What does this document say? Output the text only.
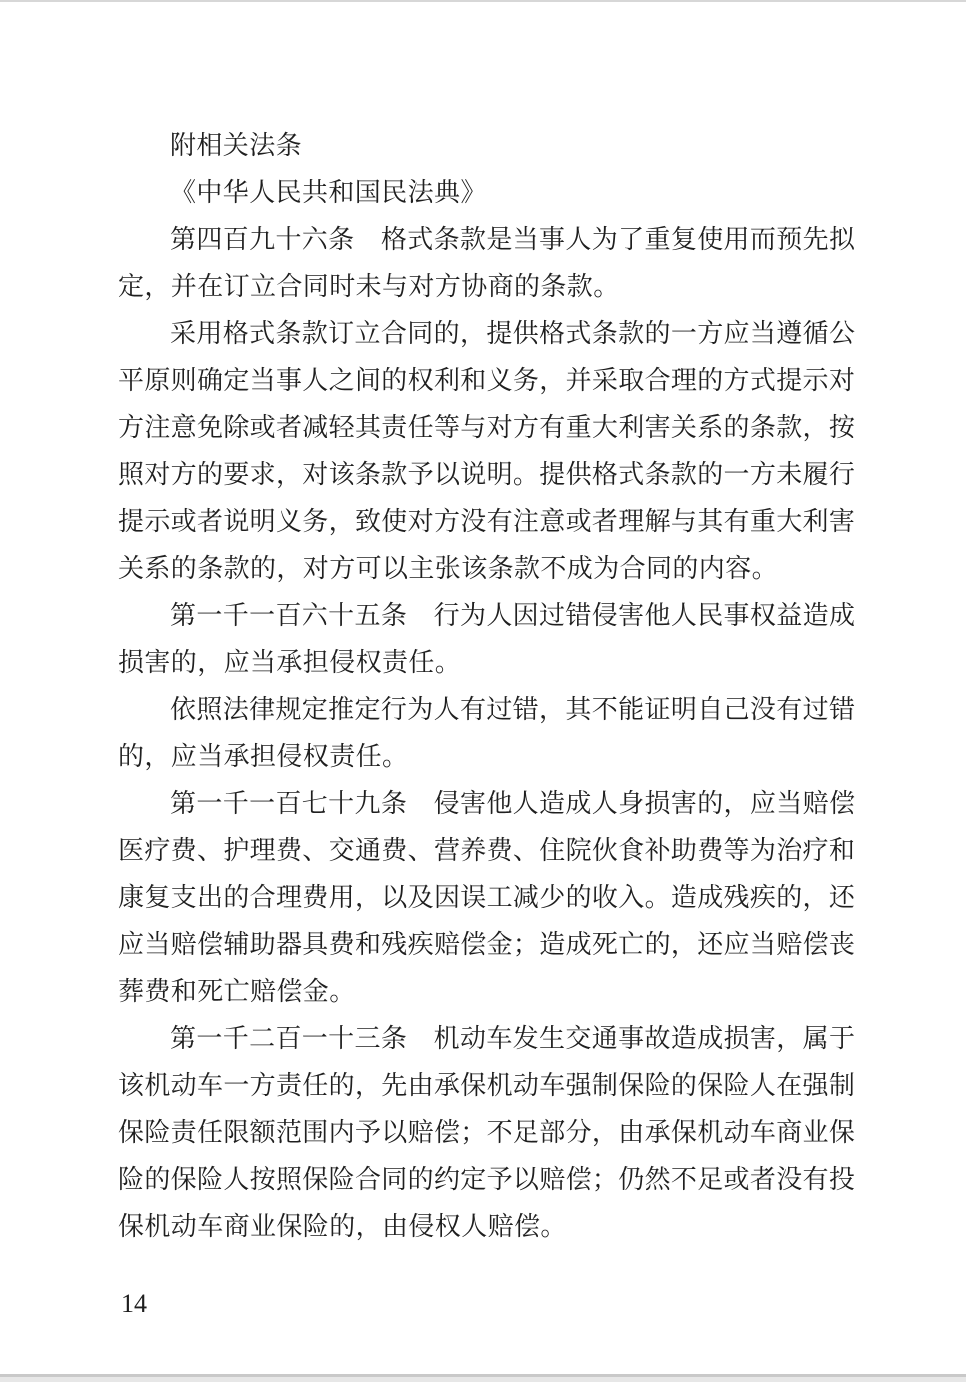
附相关法条
《中华人民共和国民法典》
第 四 百 九 十 六 条
　 格 式 条 款 是 当 事 人 为 了 重 复 使 用 而 预 先 拟
定，并在订立合同时未与对方协商的条款。
采 用 格 式 条 款 订 立 合 同 的 ， 提 供 格 式 条 款 的 一 方 应 当 遵 循 公
平 原 则 确 定 当 事 人 之 间 的 权 利 和 义 务 ， 并 采 取 合 理 的 方 式 提 示 对
方 注 意 免 除 或 者 减 轻 其 责 任 等 与 对 方 有 重 大 利 害 关 系 的 条 款 ， 按
照 对 方 的 要 求 ， 对 该 条 款 予 以 说 明 。 提 供 格 式 条 款 的 一 方 未 履 行
提 示 或 者 说 明 义 务 ， 致 使 对 方 没 有 注 意 或 者 理 解 与 其 有 重 大 利 害
关系的条款的，对方可以主张该条款不成为合同的内容。
第 一 千 一 百 六 十 五 条
　 行 为 人 因 过 错 侵 害 他 人 民 事 权 益 造 成
损害的，应当承担侵权责任。
依 照 法 律 规 定 推 定 行 为 人 有 过 错 ， 其 不 能 证 明 自 己 没 有 过 错
的，应当承担侵权责任。
第 一 千 一 百 七 十 九 条
　 侵 害 他 人 造 成 人 身 损 害 的 ， 应 当 赔 偿
医 疗 费 、 护 理 费 、 交 通 费 、 营 养 费 、 住 院 伙 食 补 助 费 等 为 治 疗 和
康 复 支 出 的 合 理 费 用 ， 以 及 因 误 工 减 少 的 收 入 。 造 成 残 疾 的 ， 还
应 当 赔 偿 辅 助 器 具 费 和 残 疾 赔 偿 金 ； 造 成 死 亡 的 ， 还 应 当 赔 偿 丧
葬费和死亡赔偿金。
第 一 千 二 百 一 十 三 条
　 机 动 车 发 生 交 通 事 故 造 成 损 害 ， 属 于
该 机 动 车 一 方 责 任 的 ， 先 由 承 保 机 动 车 强 制 保 险 的 保 险 人 在 强 制
保 险 责 任 限 额 范 围 内 予 以 赔 偿 ； 不 足 部 分 ， 由 承 保 机 动 车 商 业 保
险 的 保 险 人 按 照 保 险 合 同 的 约 定 予 以 赔 偿 ； 仍 然 不 足 或 者 没 有 投
保机动车商业保险的，由侵权人赔偿。
14
